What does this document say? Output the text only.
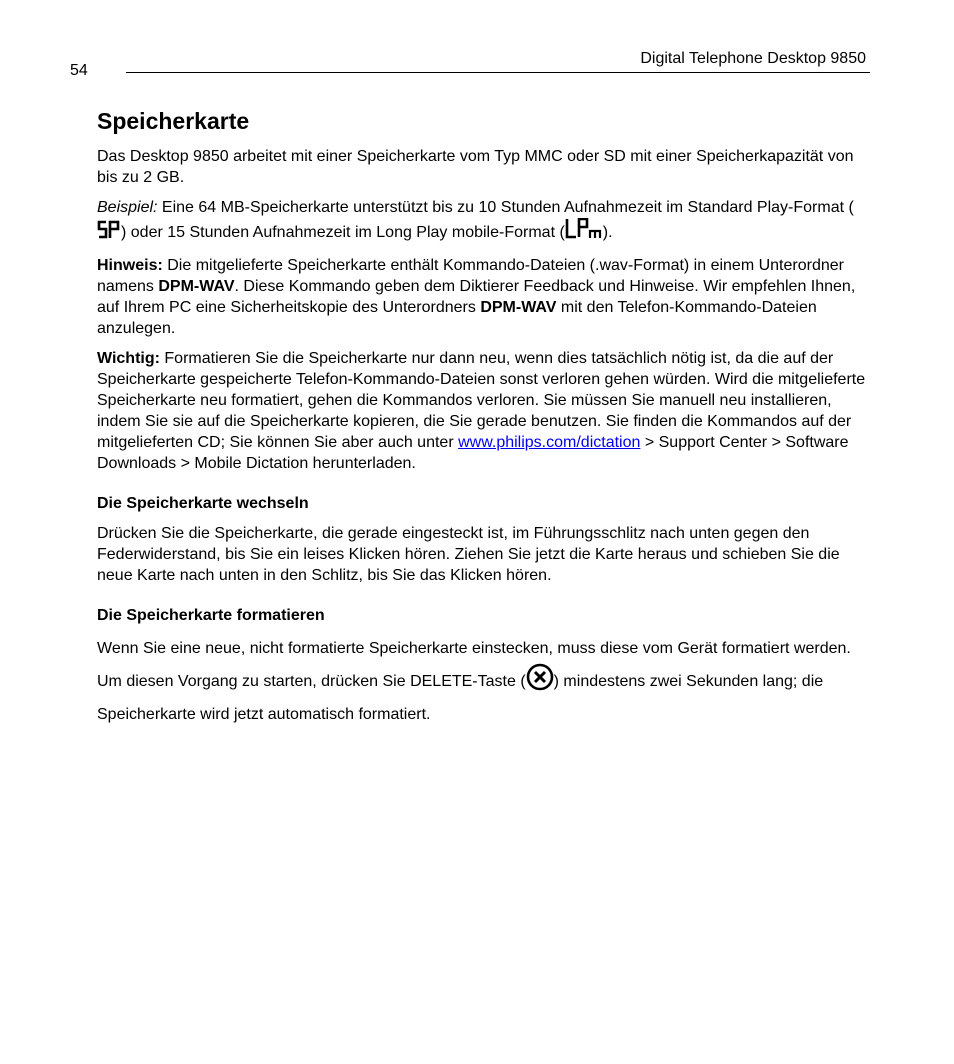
54
Digital Telephone Desktop 9850
Speicherkarte

Das Desktop 9850 arbeitet mit einer Speicherkarte vom Typ MMC oder SD mit einer Speicherkapazität von bis zu 2 GB.

Beispiel: Eine 64 MB-Speicherkarte unterstützt bis zu 10 Stunden Aufnahmezeit im Standard Play-Format () oder 15 Stunden Aufnahmezeit im Long Play mobile-Format ( ).

Hinweis: Die mitgelieferte Speicherkarte enthält Kommando-Dateien (.wav-Format) in einem Unterordner namens DPM-WAV. Diese Kommando geben dem Diktierer Feedback und Hinweise. Wir empfehlen Ihnen, auf Ihrem PC eine Sicherheitskopie des Unterordners DPM-WAV mit den Telefon-Kommando-Dateien anzulegen.

Wichtig: Formatieren Sie die Speicherkarte nur dann neu, wenn dies tatsächlich nötig ist, da die auf der Speicherkarte gespeicherte Telefon-Kommando-Dateien sonst verloren gehen würden. Wird die mitgelieferte Speicherkarte neu formatiert, gehen die Kommandos verloren. Sie müssen Sie manuell neu installieren, indem Sie sie auf die Speicherkarte kopieren, die Sie gerade benutzen. Sie finden die Kommandos auf der mitgelieferten CD; Sie können Sie aber auch unter www.philips.com/dictation > Support Center > Software Downloads > Mobile Dictation herunterladen.

Die Speicherkarte wechseln

Drücken Sie die Speicherkarte, die gerade eingesteckt ist, im Führungsschlitz nach unten gegen den Federwiderstand, bis Sie ein leises Klicken hören. Ziehen Sie jetzt die Karte heraus und schieben Sie die neue Karte nach unten in den Schlitz, bis Sie das Klicken hören.

Die Speicherkarte formatieren

Wenn Sie eine neue, nicht formatierte Speicherkarte einstecken, muss diese vom Gerät formatiert werden. Um diesen Vorgang zu starten, drücken Sie DELETE-Taste ( ) mindestens zwei Sekunden lang; die Speicherkarte wird jetzt automatisch formatiert.
